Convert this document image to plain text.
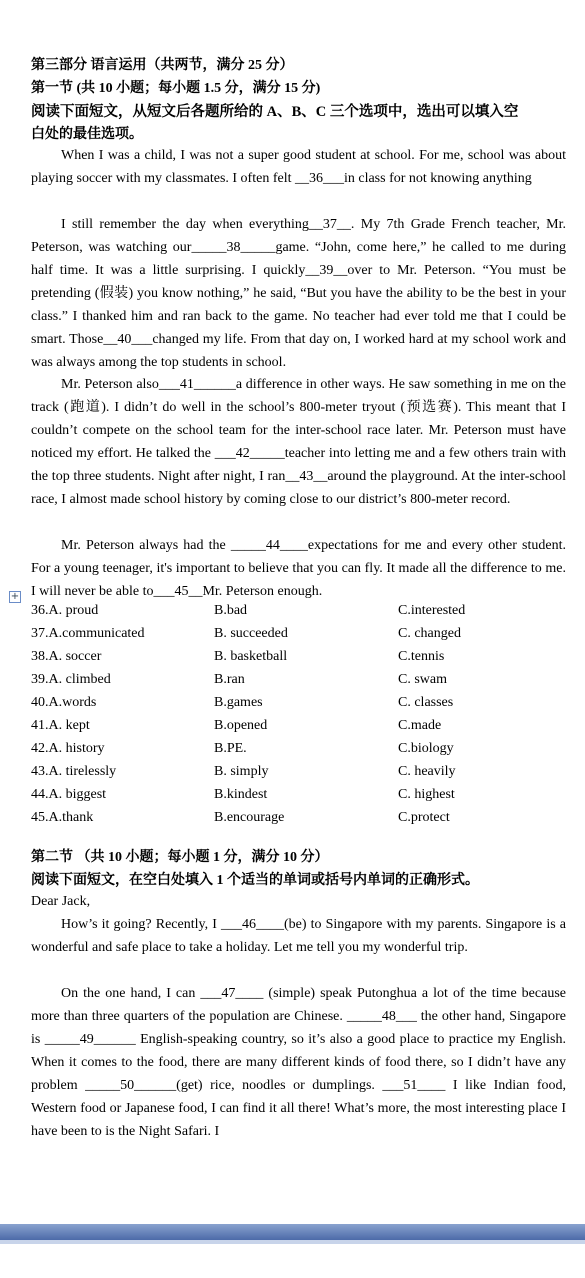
第三部分 语言运用（共两节，满分 25 分）
第一节 (共 10 小题；每小题 1.5 分，满分 15 分)
阅读下面短文，从短文后各题所给的 A、B、C 三个选项中，选出可以填入空
白处的最佳选项。
When I was a child, I was not a super good student at school. For me, school was about playing soccer with my classmates. I often felt __36___in class for not knowing anything
I still remember the day when everything__37__. My 7th Grade French teacher, Mr. Peterson, was watching our_____38_____game. “John, come here,” he called to me during half time. It was a little surprising. I quickly__39__over to Mr. Peterson. “You must be pretending (假装) you know nothing,” he said, “But you have the ability to be the best in your class.” I thanked him and ran back to the game. No teacher had ever told me that I could be smart. Those__40___changed my life. From that day on, I worked hard at my school work and was always among the top students in school.
Mr. Peterson also___41______a difference in other ways. He saw something in me on the track (跑道). I didn’t do well in the school’s 800-meter tryout (预选赛). This meant that I couldn’t compete on the school team for the inter-school race later. Mr. Peterson must have noticed my effort. He talked the ___42_____teacher into letting me and a few others train with the top three students. Night after night, I ran__43__around the playground. At the inter-school race, I almost made school history by coming close to our district’s 800-meter record.
Mr. Peterson always had the _____44____expectations for me and every other student. For a young teenager, it's important to believe that you can fly. It made all the difference to me. I will never be able to___45__Mr. Peterson enough.
+
36.A. proud	B.bad	C.interested
37.A.communicated	B. succeeded	C. changed
38.A. soccer	B. basketball	C.tennis
39.A. climbed	B.ran	C. swam
40.A.words	B.games	C. classes
41.A. kept	B.opened	C.made
42.A. history	B.PE.	C.biology
43.A. tirelessly	B. simply	C. heavily
44.A. biggest	B.kindest	C. highest
45.A.thank	B.encourage	C.protect
第二节 （共 10 小题；每小题 1 分，满分 10 分）
阅读下面短文，在空白处填入 1 个适当的单词或括号内单词的正确形式。
Dear Jack,
How’s it going? Recently, I ___46____(be) to Singapore with my parents. Singapore is a wonderful and safe place to take a holiday. Let me tell you my wonderful trip.
On the one hand, I can ___47____ (simple) speak Putonghua a lot of the time because more than three quarters of the population are Chinese. _____48___ the other hand, Singapore is _____49______ English-speaking country, so it’s also a good place to practice my English. When it comes to the food, there are many different kinds of food there, so I didn’t have any problem _____50______(get) rice, noodles or dumplings. ___51____ I like Indian food, Western food or Japanese food, I can find it all there! What’s more, the most interesting place I have been to is the Night Safari. I
